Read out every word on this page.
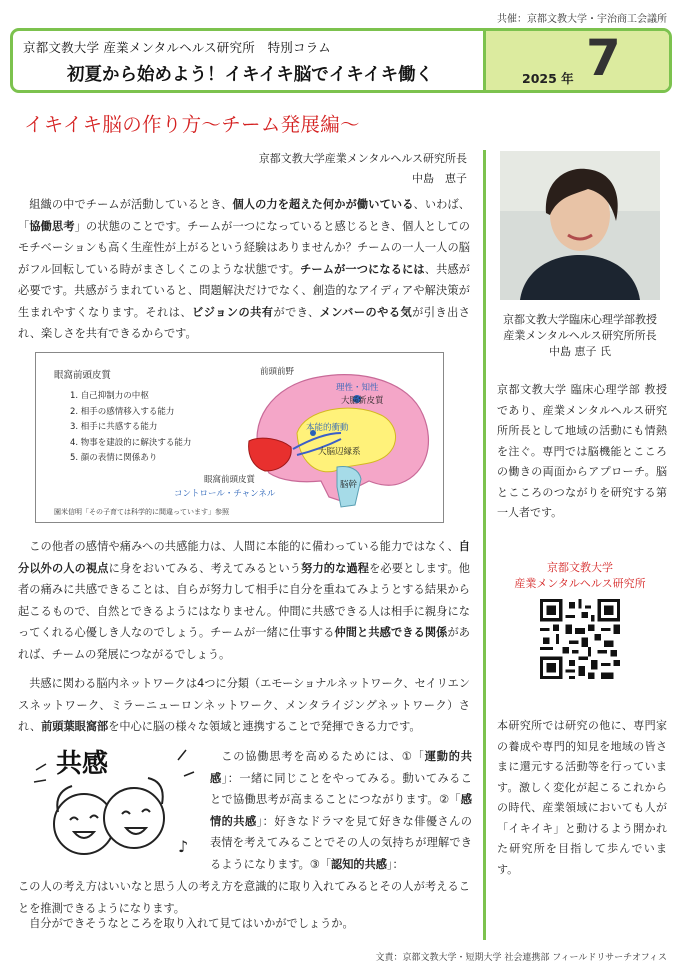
共催：京都文教大学・宇治商工会議所
京都文教大学 産業メンタルヘルス研究所　特別コラム
初夏から始めよう！イキイキ脳でイキイキ働く	2025 年 7
イキイキ脳の作り方～チーム発展編～
京都文教大学産業メンタルヘルス研究所長
中島　恵子
組織の中でチームが活動しているとき、個人の力を超えた何かが働いている、いわば、「協働思考」の状態のことです。チームが一つになっていると感じるとき、個人としてのモチベーションも高く生産性が上がるという経験はありませんか？チームの一人一人の脳がフル回転している時がまさしくこのような状態です。チームが一つになるには、共感が必要です。共感がうまれていると、問題解決だけでなく、創造的なアイディアや解決策が生まれやすくなります。それは、ビジョンの共有ができ、メンバーのやる気が引き出され、楽しさを共有できるからです。
眼窩前頭皮質
1. 自己抑制力の中枢
2. 相手の感情移入する能力
3. 相手に共感する能力
4. 物事を建設的に解決する能力
5. 顔の表情に関係あり
前頭前野
理性・知性
大脳新皮質
本能的衝動
大脳辺縁系
脳幹
眼窩前頭皮質
コントロール・チャンネル
園米信明「その子育ては科学的に間違っています」参照
この他者の感情や痛みへの共感能力は、人間に本能的に備わっている能力ではなく、自分以外の人の視点に身をおいてみる、考えてみるという努力的な過程を必要とします。他者の痛みに共感できることは、自らが努力して相手に自分を重ねてみようとする結果から起こるもので、自然とできるようにはなりません。仲間に共感できる人は相手に親身になってくれる心優しき人なのでしょう。チームが一緒に仕事する仲間と共感できる関係があれば、チームの発展につながるでしょう。
共感に関わる脳内ネットワークは4つに分類（エモーショナルネットワーク、セイリエンスネットワーク、ミラーニューロンネットワーク、メンタライジングネットワーク）され、前頭葉眼窩部を中心に脳の様々な領域と連携することで発揮できる力です。
共感
♪
この協働思考を高めるためには、①「運動的共感」：一緒に同じことをやってみる。動いてみることで協働思考が高まることにつながります。②「感情的共感」：好きなドラマを見て好きな俳優さんの表情を考えてみることでその人の気持ちが理解できるようになります。③「認知的共感」：
この人の考え方はいいなと思う人の考え方を意識的に取り入れてみるとその人が考えることを推測できるようになります。
自分ができそうなところを取り入れて見てはいかがでしょうか。
京都文教大学臨床心理学部教授
産業メンタルヘルス研究所所長
中島 恵子 氏
京都文教大学 臨床心理学部 教授であり、産業メンタルヘルス研究所所長として地域の活動にも情熱を注ぐ。専門では脳機能とこころの働きの両面からアプローチ。脳とこころのつながりを研究する第一人者です。
京都文教大学
産業メンタルヘルス研究所
本研究所では研究の他に、専門家の養成や専門的知見を地域の皆さまに還元する活動等を行っています。激しく変化が起こるこれからの時代、産業領域においても人が「イキイキ」と動けるよう開かれた研究所を目指して歩んでいます。
文責：京都文教大学・短期大学 社会連携部 フィールドリサーチオフィス
